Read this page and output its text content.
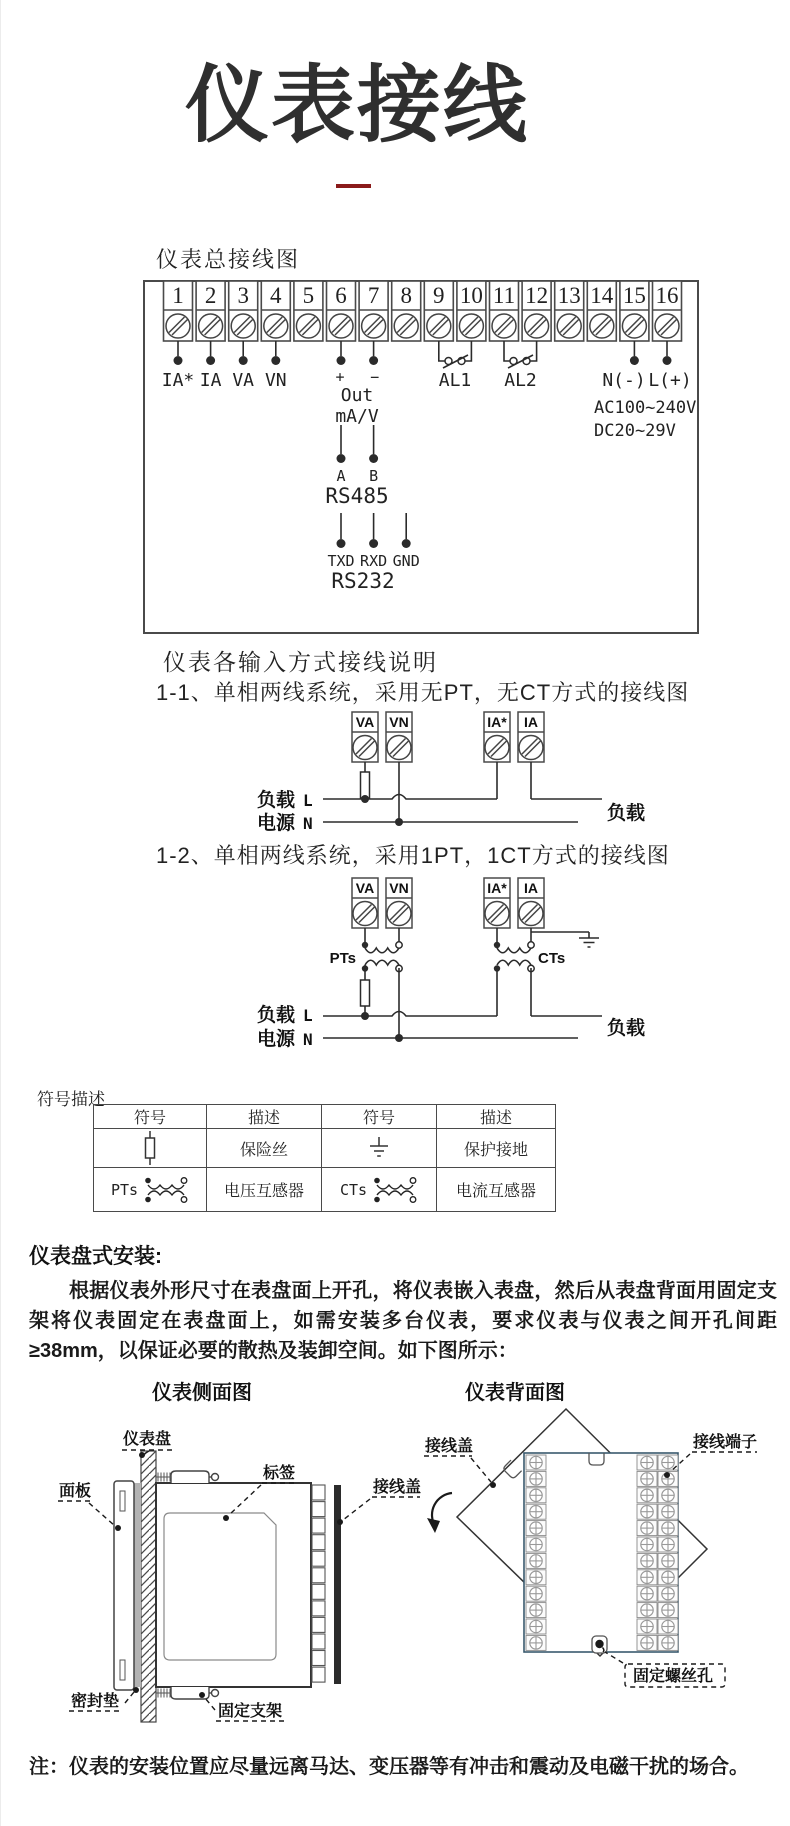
仪表接线
仪表总接线图
1 2 3 4 5 6 7 8 9 10 11 12 13 14 15 16
IA* IA VA VN	+ −
Out
mA/V
AL1 AL2	N(-) L(+)
AC100~240V
DC20~29V
A B
RS485
TXD RXD GND
RS232
仪表各输入方式接线说明
1-1、单相两线系统，采用无PT，无CT方式的接线图
VA VN	IA* IA
负载 L
电源 N	负载
1-2、单相两线系统，采用1PT，1CT方式的接线图
VA VN	IA* IA
PTs	CTs
负载 L
电源 N
负载
符号描述
符号	描述	符号	描述

	保险丝		保护接地

PTs	电压互感器	CTs	电流互感器
仪表盘式安装:

根据仪表外形尺寸在表盘面上开孔，将仪表嵌入表盘，然后从表盘背面用固定支架将仪表固定在表盘面上，如需安装多台仪表，要求仪表与仪表之间开孔间距≥38mm，以保证必要的散热及装卸空间。如下图所示：

仪表侧面图	仪表背面图
仪表盘
面板
标签
接线盖
密封垫
固定支架
接线盖	接线端子
固定螺丝孔

注：仪表的安装位置应尽量远离马达、变压器等有冲击和震动及电磁干扰的场合。
